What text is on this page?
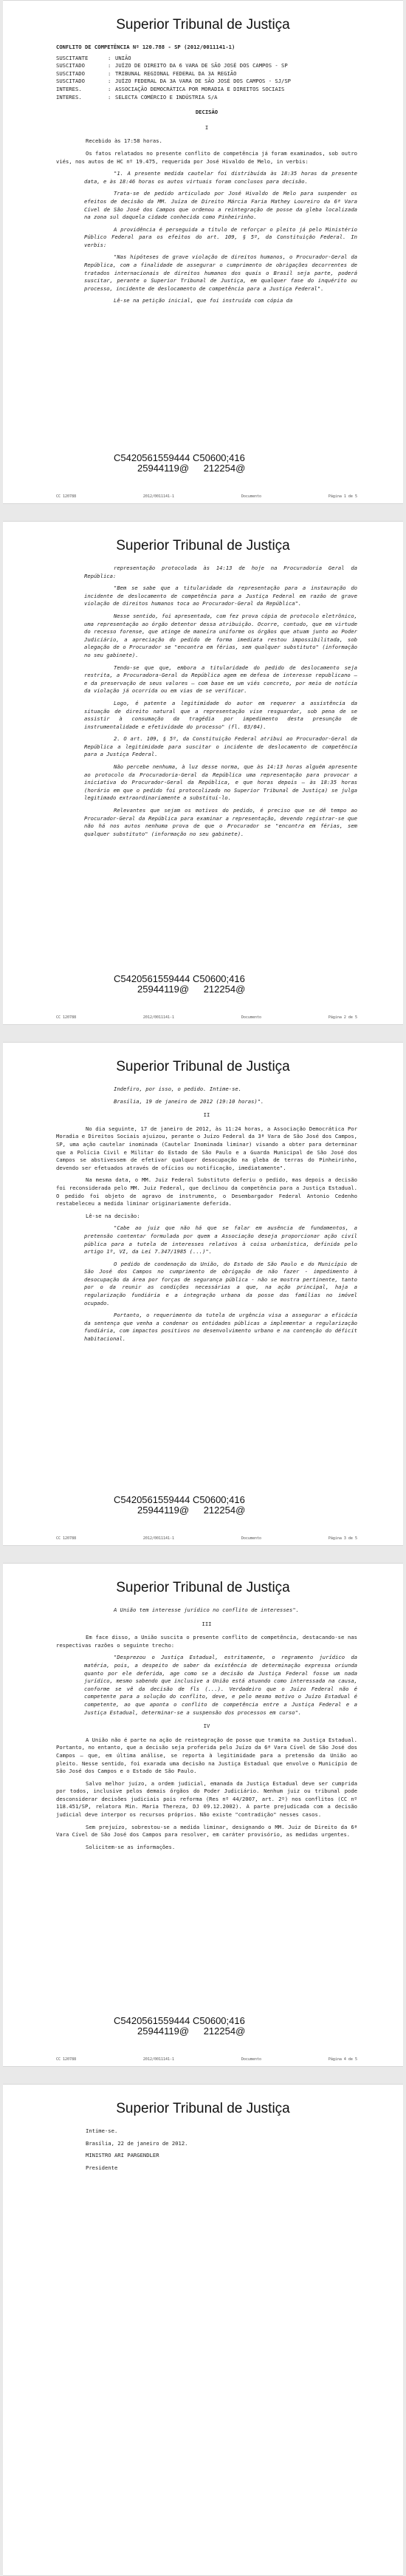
Superior Tribunal de Justiça
CONFLITO DE COMPETÊNCIA Nº 120.788 - SP (2012/0011141-1)
SUSCITANTE	: UNIÃO
SUSCITADO	: JUÍZO DE DIREITO DA 6 VARA DE SÃO JOSÉ DOS CAMPOS - SP
SUSCITADO	: TRIBUNAL REGIONAL FEDERAL DA 3A REGIÃO
SUSCITADO	: JUÍZO FEDERAL DA 3A VARA DE SÃO JOSÉ DOS CAMPOS - SJ/SP
INTERES.	: ASSOCIAÇÃO DEMOCRÁTICA POR MORADIA E DIREITOS SOCIAIS
INTERES.	: SELECTA COMÉRCIO E INDÚSTRIA S/A
DECISÃO
I

Recebido às 17:58 horas.

Os fatos relatados no presente conflito de competência já foram examinados, sob outro viés, nos autos de HC nº 19.475, requerida por José Hivaldo de Melo, in verbis:

"1. A presente medida cautelar foi distribuída às 18:35 horas da presente data, e às 18:46 horas os autos virtuais foram conclusos para decisão.

Trata-se de pedido articulado por José Hivaldo de Melo para suspender os efeitos de decisão da MM. Juíza de Direito Márcia Faria Mathey Loureiro da 6ª Vara Cível de São José dos Campos que ordenou a reintegração de posse da gleba localizada na zona sul daquela cidade conhecida como Pinheirinho.

A providência é perseguida a título de reforçar o pleito já pelo Ministério Público Federal para os efeitos do art. 109, § 5º, da Constituição Federal. In verbis:

"Nas hipóteses de grave violação de direitos humanos, o Procurador-Geral da República, com a finalidade de assegurar o cumprimento de obrigações decorrentes de tratados internacionais de direitos humanos dos quais o Brasil seja parte, poderá suscitar, perante o Superior Tribunal de Justiça, em qualquer fase do inquérito ou processo, incidente de deslocamento de competência para a Justiça Federal".

Lê-se na petição inicial, que foi instruída com cópia da

C5420561559444 C50600;416
25944119@ 212254@
CC 120788	2012/0011141-1	Documento	Página 1 de 5
Superior Tribunal de Justiça

representação protocolada às 14:13 de hoje na Procuradoria Geral da República:

"Bem se sabe que a titularidade da representação para a instauração do incidente de deslocamento de competência para a Justiça Federal em razão de grave violação de direitos humanos toca ao Procurador-Geral da República".

Nesse sentido, foi apresentada, com fez prova cópia de protocolo eletrônico, uma representação ao órgão detentor dessa atribuição. Ocorre, contudo, que em virtude do recesso forense, que atinge de maneira uniforme os órgãos que atuam junto ao Poder Judiciário, a apreciação do pedido de forma imediata restou impossibilitada, sob alegação de o Procurador se "encontra em férias, sem qualquer substituto" (informação no seu gabinete).

Tendo-se que que, embora a titularidade do pedido de deslocamento seja restrita, a Procuradora-Geral da República agem em defesa de interesse republicano — e da preservação de seus valores — com base em um viés concreto, por meio de notícia da violação já ocorrida ou em vias de se verificar.

Logo, é patente a legitimidade do autor em requerer a assistência da situação de direito natural que a representação vise resguardar, sob pena de se assistir à consumação da tragédia por impedimento desta presunção de instrumentalidade e efetividade do processo" (fl. 03/04).

2. O art. 109, § 5º, da Constituição Federal atribui ao Procurador-Geral da República a legitimidade para suscitar o incidente de deslocamento de competência para a Justiça Federal.

Não percebe nenhuma, à luz desse norma, que às 14:13 horas alguém apresente ao protocolo da Procuradoria-Geral da República uma representação para provocar a iniciativa do Procurador-Geral da República, e que horas depois — às 18:35 horas (horário em que o pedido foi protocolizado no Superior Tribunal de Justiça) se julga legitimado extraordinariamente a substituí-lo.

Relevantes que sejam os motivos do pedido, é preciso que se dê tempo ao Procurador-Geral da República para examinar a representação, devendo registrar-se que não há nos autos nenhuma prova de que o Procurador se "encontra em férias, sem qualquer substituto" (informação no seu gabinete).

C5420561559444 C50600;416
25944119@ 212254@
CC 120788	2012/0011141-1	Documento	Página 2 de 5
Superior Tribunal de Justiça

Indefiro, por isso, o pedido. Intime-se.

Brasília, 19 de janeiro de 2012 (19:10 horas)".

II

No dia seguinte, 17 de janeiro de 2012, às 11:24 horas, a Associação Democrática Por Moradia e Direitos Sociais ajuizou, perante o Juízo Federal da 3ª Vara de São José dos Campos, SP, uma ação cautelar inominada (Cautelar Inominada liminar) visando a obter para determinar que a Polícia Civil e Militar do Estado de São Paulo e a Guarda Municipal de São José dos Campos se abstivessem de efetivar qualquer desocupação na gleba de terras do Pinheirinho, devendo ser efetuados através de ofícios ou notificação, imediatamente".

Na mesma data, o MM. Juiz Federal Substituto deferiu o pedido, mas depois a decisão foi reconsiderada pelo MM. Juiz Federal, que declinou da competência para a Justiça Estadual. O pedido foi objeto de agravo de instrumento, o Desembargador Federal Antonio Cedenho restabeleceu a medida liminar originariamente deferida.

Lê-se na decisão:

"Cabe ao juiz que não há que se falar em ausência de fundamentos, a pretensão contentar formulada por quem a Associação deseja proporcionar ação civil pública para a tutela de interesses relativos à coisa urbanística, definida pelo artigo 1º, VI, da Lei 7.347/1985 (...)".

O pedido de condenação da União, do Estado de São Paulo e do Município de São José dos Campos no cumprimento de obrigação de não fazer - impedimento à desocupação da área por forças de segurança pública - não se mostra pertinente, tanto por o da reunir as condições necessárias a que, na ação principal, haja a regularização fundiária e a integração urbana da posse das famílias no imóvel ocupado.

Portanto, o requerimento da tutela de urgência visa a assegurar a eficácia da sentença que venha a condenar os entidades públicas a implementar a regularização fundiária, com impactos positivos no desenvolvimento urbano e na contenção do déficit habitacional.

C5420561559444 C50600;416
25944119@ 212254@
CC 120788	2012/0011141-1	Documento	Página 3 de 5
Superior Tribunal de Justiça

A União tem interesse jurídico no conflito de interesses".

III

Em face disso, a União suscita o presente conflito de competência, destacando-se nas respectivas razões o seguinte trecho:

"Desprezou o Justiça Estadual, estritamente, o regramento jurídico da matéria, pois, a despeito de saber da existência de determinação expressa oriunda quanto por ele deferida, age como se a decisão da Justiça Federal fosse um nada jurídico, mesmo sabendo que inclusive a União está atuando como interessada na causa, conforme se vê da decisão de fls (...). Verdadeiro que o Juízo Federal não é competente para a solução do conflito, deve, e pelo mesmo motivo o Juízo Estadual é competente, ao que aponta o conflito de competência entre a Justiça Federal e a Justiça Estadual, determinar-se a suspensão dos processos em curso".

IV

A União não é parte na ação de reintegração de posse que tramita na Justiça Estadual. Portanto, no entanto, que a decisão seja proferida pelo Juízo da 6ª Vara Cível de São José dos Campos — que, em última análise, se reporta à legitimidade para a pretensão da União ao pleito. Nesse sentido, foi exarada uma decisão na Justiça Estadual que envolve o Município de São José dos Campos e o Estado de São Paulo.

Salvo melhor juízo, a ordem judicial, emanada da Justiça Estadual deve ser cumprida por todos, inclusive pelos demais órgãos do Poder Judiciário. Nenhum juiz ou tribunal pode desconsiderar decisões judiciais pois reforma (Res nº 44/2007, art. 2º) nos conflitos (CC nº 118.451/SP, relatora Min. Maria Thereza, DJ 09.12.2002). A parte prejudicada com a decisão judicial deve interpor os recursos próprios. Não existe "contradição" nesses casos.

Sem prejuízo, sobrestou-se a medida liminar, designando o MM. Juiz de Direito da 6ª Vara Cível de São José dos Campos para resolver, em caráter provisório, as medidas urgentes.

Solicitem-se as informações.

C5420561559444 C50600;416
25944119@ 212254@
CC 120788	2012/0011141-1	Documento	Página 4 de 5
Superior Tribunal de Justiça

Intime-se.

Brasília, 22 de janeiro de 2012.

MINISTRO ARI PARGENDLER

Presidente
